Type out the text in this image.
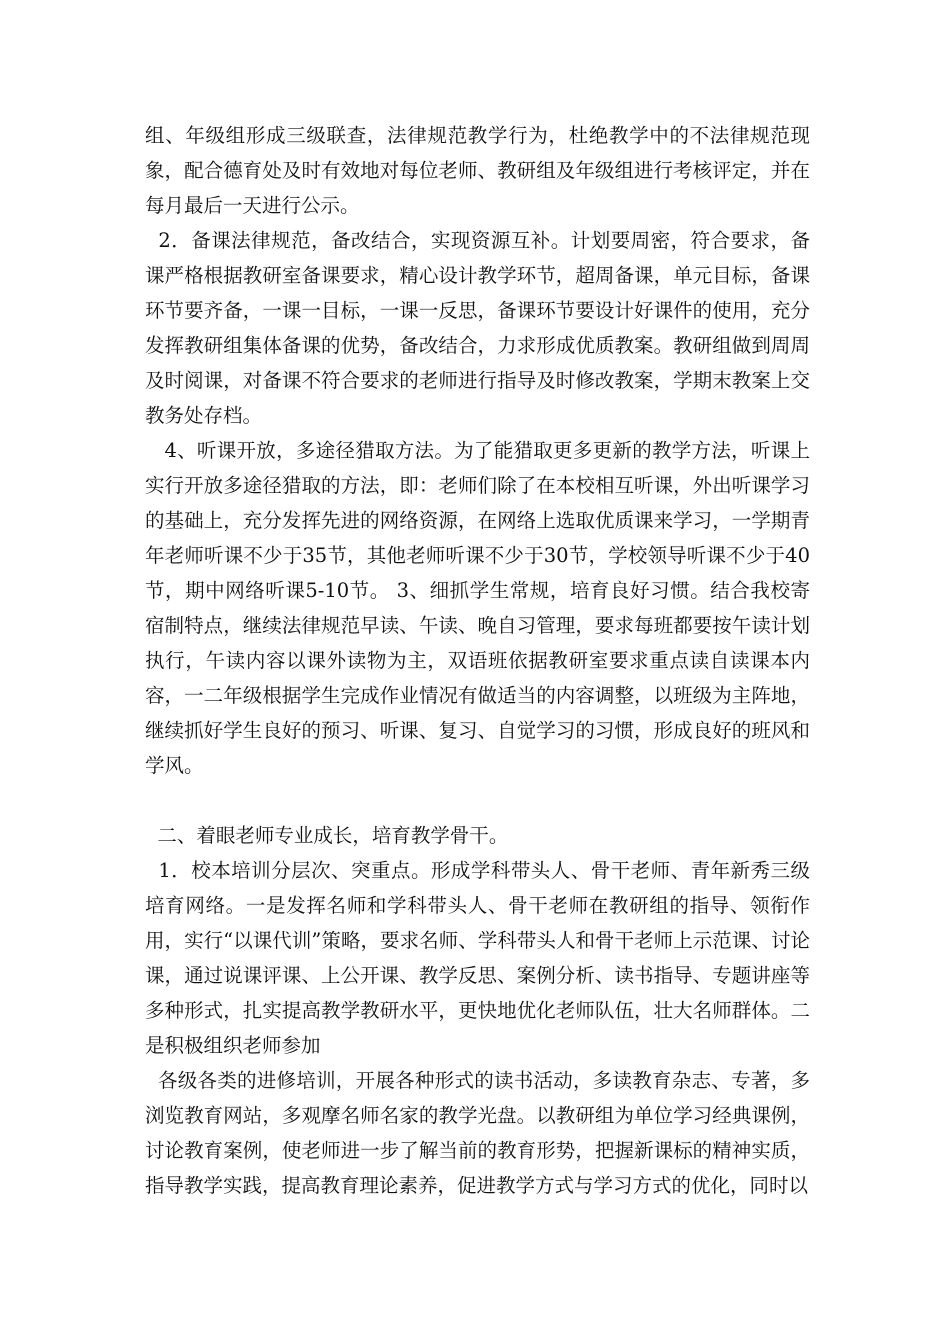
组、年级组形成三级联查，法律规范教学行为，杜绝教学中的不法律规范现象，配合德育处及时有效地对每位老师、教研组及年级组进行考核评定，并在每月最后一天进行公示。

2．备课法律规范，备改结合，实现资源互补。计划要周密，符合要求，备课严格根据教研室备课要求，精心设计教学环节，超周备课，单元目标，备课环节要齐备，一课一目标，一课一反思，备课环节要设计好课件的使用，充分发挥教研组集体备课的优势，备改结合，力求形成优质教案。教研组做到周周及时阅课，对备课不符合要求的老师进行指导及时修改教案，学期末教案上交教务处存档。

4、听课开放，多途径猎取方法。为了能猎取更多更新的教学方法，听课上实行开放多途径猎取的方法，即：老师们除了在本校相互听课，外出听课学习的基础上，充分发挥先进的网络资源，在网络上选取优质课来学习，一学期青年老师听课不少于35节，其他老师听课不少于30节，学校领导听课不少于40节，期中网络听课5-10节。 3、细抓学生常规，培育良好习惯。结合我校寄宿制特点，继续法律规范早读、午读、晚自习管理，要求每班都要按午读计划执行，午读内容以课外读物为主，双语班依据教研室要求重点读自读课本内容，一二年级根据学生完成作业情况有做适当的内容调整，以班级为主阵地，继续抓好学生良好的预习、听课、复习、自觉学习的习惯，形成良好的班风和学风。

二、着眼老师专业成长，培育教学骨干。

1．校本培训分层次、突重点。形成学科带头人、骨干老师、青年新秀三级培育网络。一是发挥名师和学科带头人、骨干老师在教研组的指导、领衔作用，实行“以课代训”策略，要求名师、学科带头人和骨干老师上示范课、讨论课，通过说课评课、上公开课、教学反思、案例分析、读书指导、专题讲座等多种形式，扎实提高教学教研水平，更快地优化老师队伍，壮大名师群体。二是积极组织老师参加

各级各类的进修培训，开展各种形式的读书活动，多读教育杂志、专著，多浏览教育网站，多观摩名师名家的教学光盘。以教研组为单位学习经典课例，讨论教育案例，使老师进一步了解当前的教育形势，把握新课标的精神实质，指导教学实践，提高教育理论素养，促进教学方式与学习方式的优化，同时以
